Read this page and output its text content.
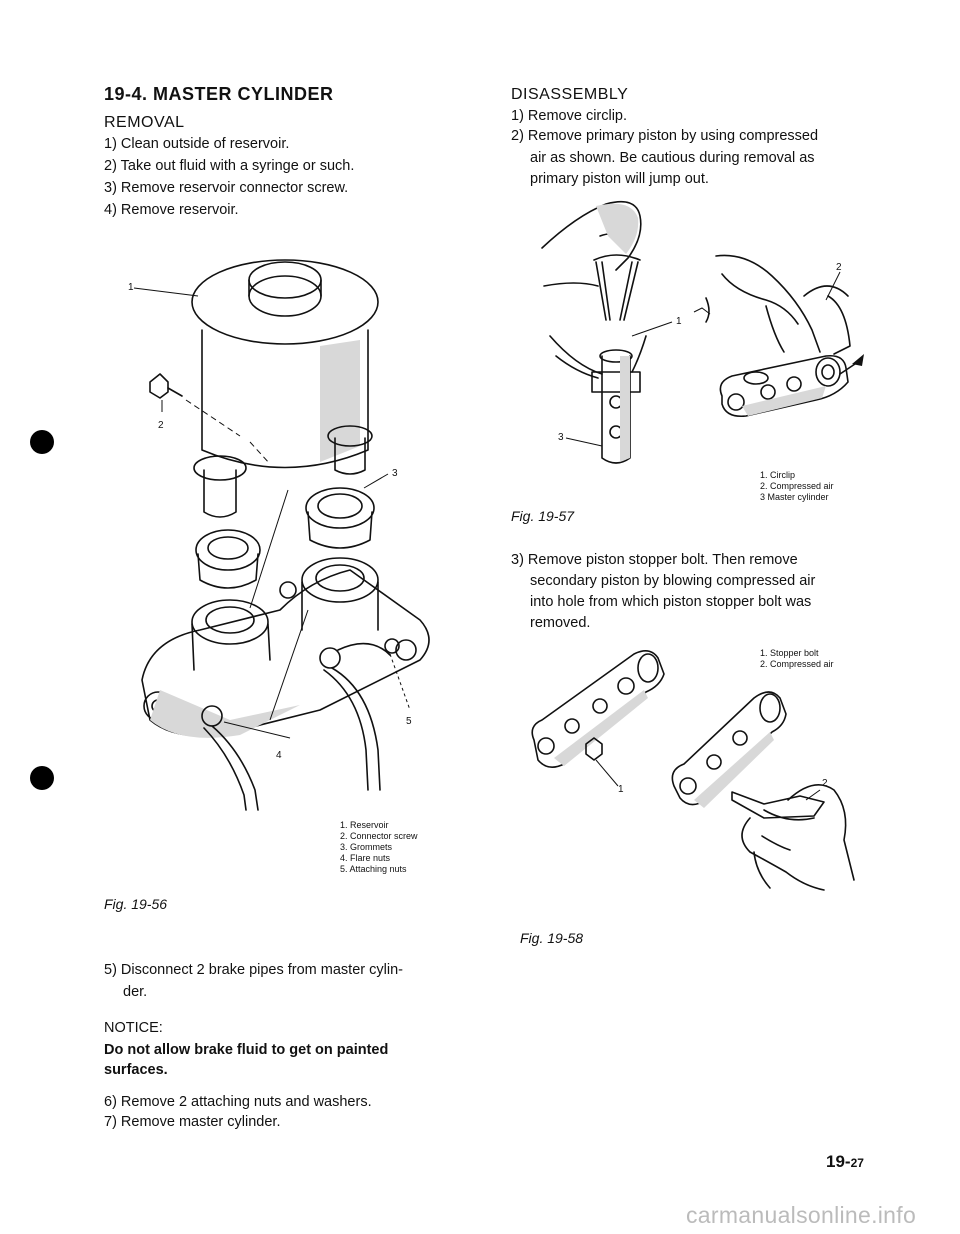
19-4. MASTER CYLINDER
REMOVAL
1) Clean outside of reservoir.
2) Take out fluid with a syringe or such.
3) Remove reservoir connector screw.
4) Remove reservoir.
1
2
3
4
5
1. Reservoir
2. Connector screw
3. Grommets
4. Flare nuts
5. Attaching nuts
Fig. 19-56
5) Disconnect 2 brake pipes from master cylin-
der.
NOTICE:
Do not allow brake fluid to get on painted
surfaces.
6) Remove 2 attaching nuts and washers.
7) Remove master cylinder.
DISASSEMBLY
1) Remove circlip.
2) Remove primary piston by using compressed
air as shown. Be cautious during removal as
primary piston will jump out.
1
2
3
1. Circlip
2. Compressed air
3 Master cylinder
Fig. 19-57
3) Remove piston stopper bolt. Then remove
secondary piston by blowing compressed air
into hole from which piston stopper bolt was
removed.
1. Stopper bolt
2. Compressed air
1
2
Fig. 19-58
19-27
carmanualsonline.info
